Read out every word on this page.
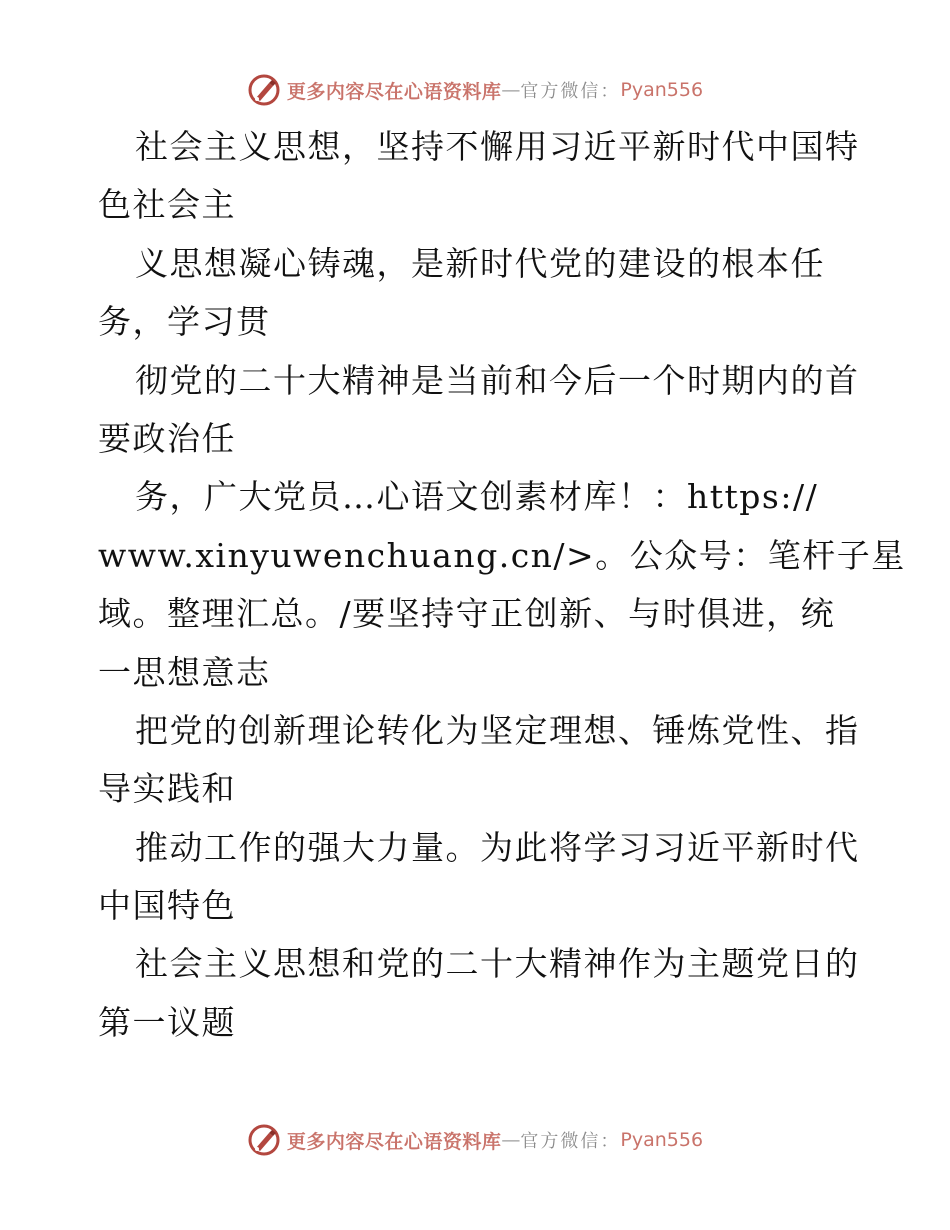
更多内容尽在心语资料库 — 官方微信： Pyan556
社会主义思想，坚持不懈用习近平新时代中国特
色社会主
义思想凝心铸魂，是新时代党的建设的根本任
务，学习贯
彻党的二十大精神是当前和今后一个时期内的首
要政治任
务，广大党员…心语文创素材库！：https://
www.xinyuwenchuang.cn/>。公众号：笔杆子星
域。整理汇总。/要坚持守正创新、与时俱进，统
一思想意志
把党的创新理论转化为坚定理想、锤炼党性、指
导实践和
推动工作的强大力量。为此将学习习近平新时代
中国特色
社会主义思想和党的二十大精神作为主题党日的
第一议题
更多内容尽在心语资料库 — 官方微信： Pyan556
